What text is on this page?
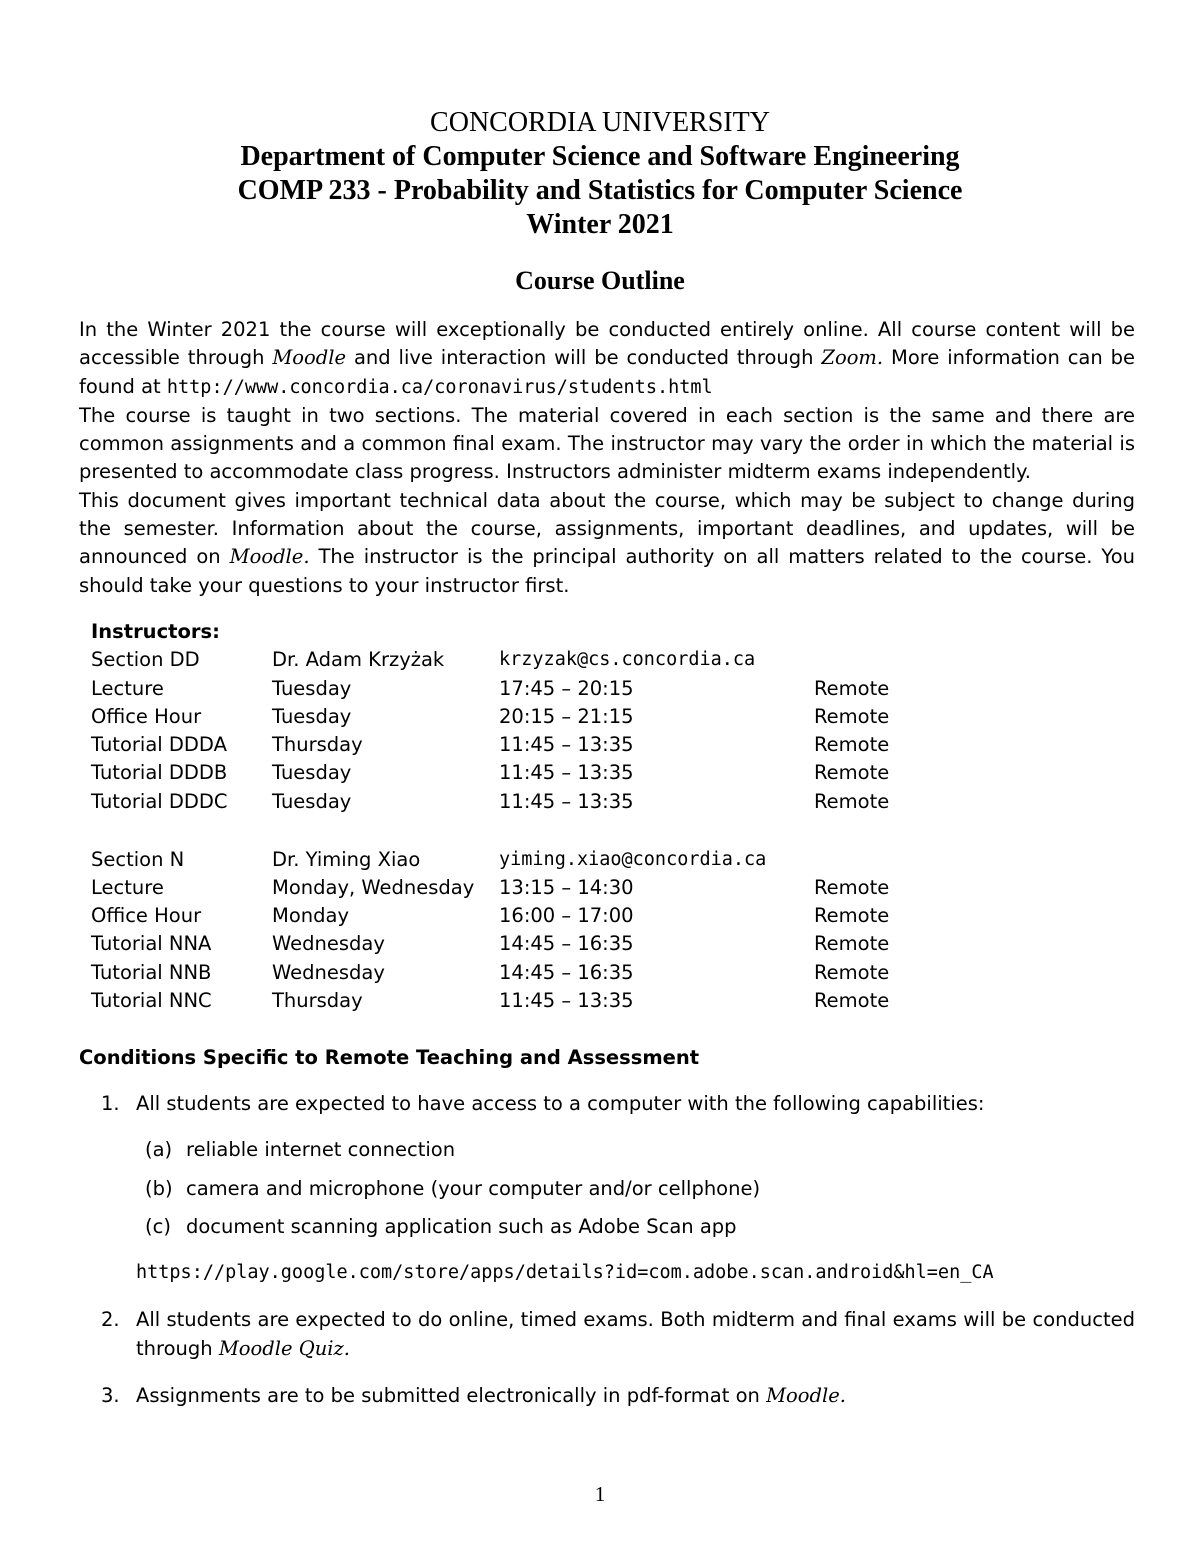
CONCORDIA UNIVERSITY
Department of Computer Science and Software Engineering
COMP 233 - Probability and Statistics for Computer Science
Winter 2021
Course Outline

In the Winter 2021 the course will exceptionally be conducted entirely online. All course content will be accessible through Moodle and live interaction will be conducted through Zoom. More information can be found at http://www.concordia.ca/coronavirus/students.html

The course is taught in two sections. The material covered in each section is the same and there are common assignments and a common final exam. The instructor may vary the order in which the material is presented to accommodate class progress. Instructors administer midterm exams independently.

This document gives important technical data about the course, which may be subject to change during the semester. Information about the course, assignments, important deadlines, and updates, will be announced on Moodle. The instructor is the principal authority on all matters related to the course. You should take your questions to your instructor first.

Instructors:
Section DD	Dr. Adam Krzyżak	krzyzak@cs.concordia.ca	
Lecture	Tuesday	17:45 – 20:15	Remote
Office Hour	Tuesday	20:15 – 21:15	Remote
Tutorial DDDA	Thursday	11:45 – 13:35	Remote
Tutorial DDDB	Tuesday	11:45 – 13:35	Remote
Tutorial DDDC	Tuesday	11:45 – 13:35	Remote

Section N	Dr. Yiming Xiao	yiming.xiao@concordia.ca	
Lecture	Monday, Wednesday	13:15 – 14:30	Remote
Office Hour	Monday	16:00 – 17:00	Remote
Tutorial NNA	Wednesday	14:45 – 16:35	Remote
Tutorial NNB	Wednesday	14:45 – 16:35	Remote
Tutorial NNC	Thursday	11:45 – 13:35	Remote
Conditions Specific to Remote Teaching and Assessment
1. All students are expected to have access to a computer with the following capabilities:
(a) reliable internet connection
(b) camera and microphone (your computer and/or cellphone)
(c) document scanning application such as Adobe Scan app
https://play.google.com/store/apps/details?id=com.adobe.scan.android&hl=en_CA
2. All students are expected to do online, timed exams. Both midterm and final exams will be conducted through Moodle Quiz.
3. Assignments are to be submitted electronically in pdf-format on Moodle.
1
